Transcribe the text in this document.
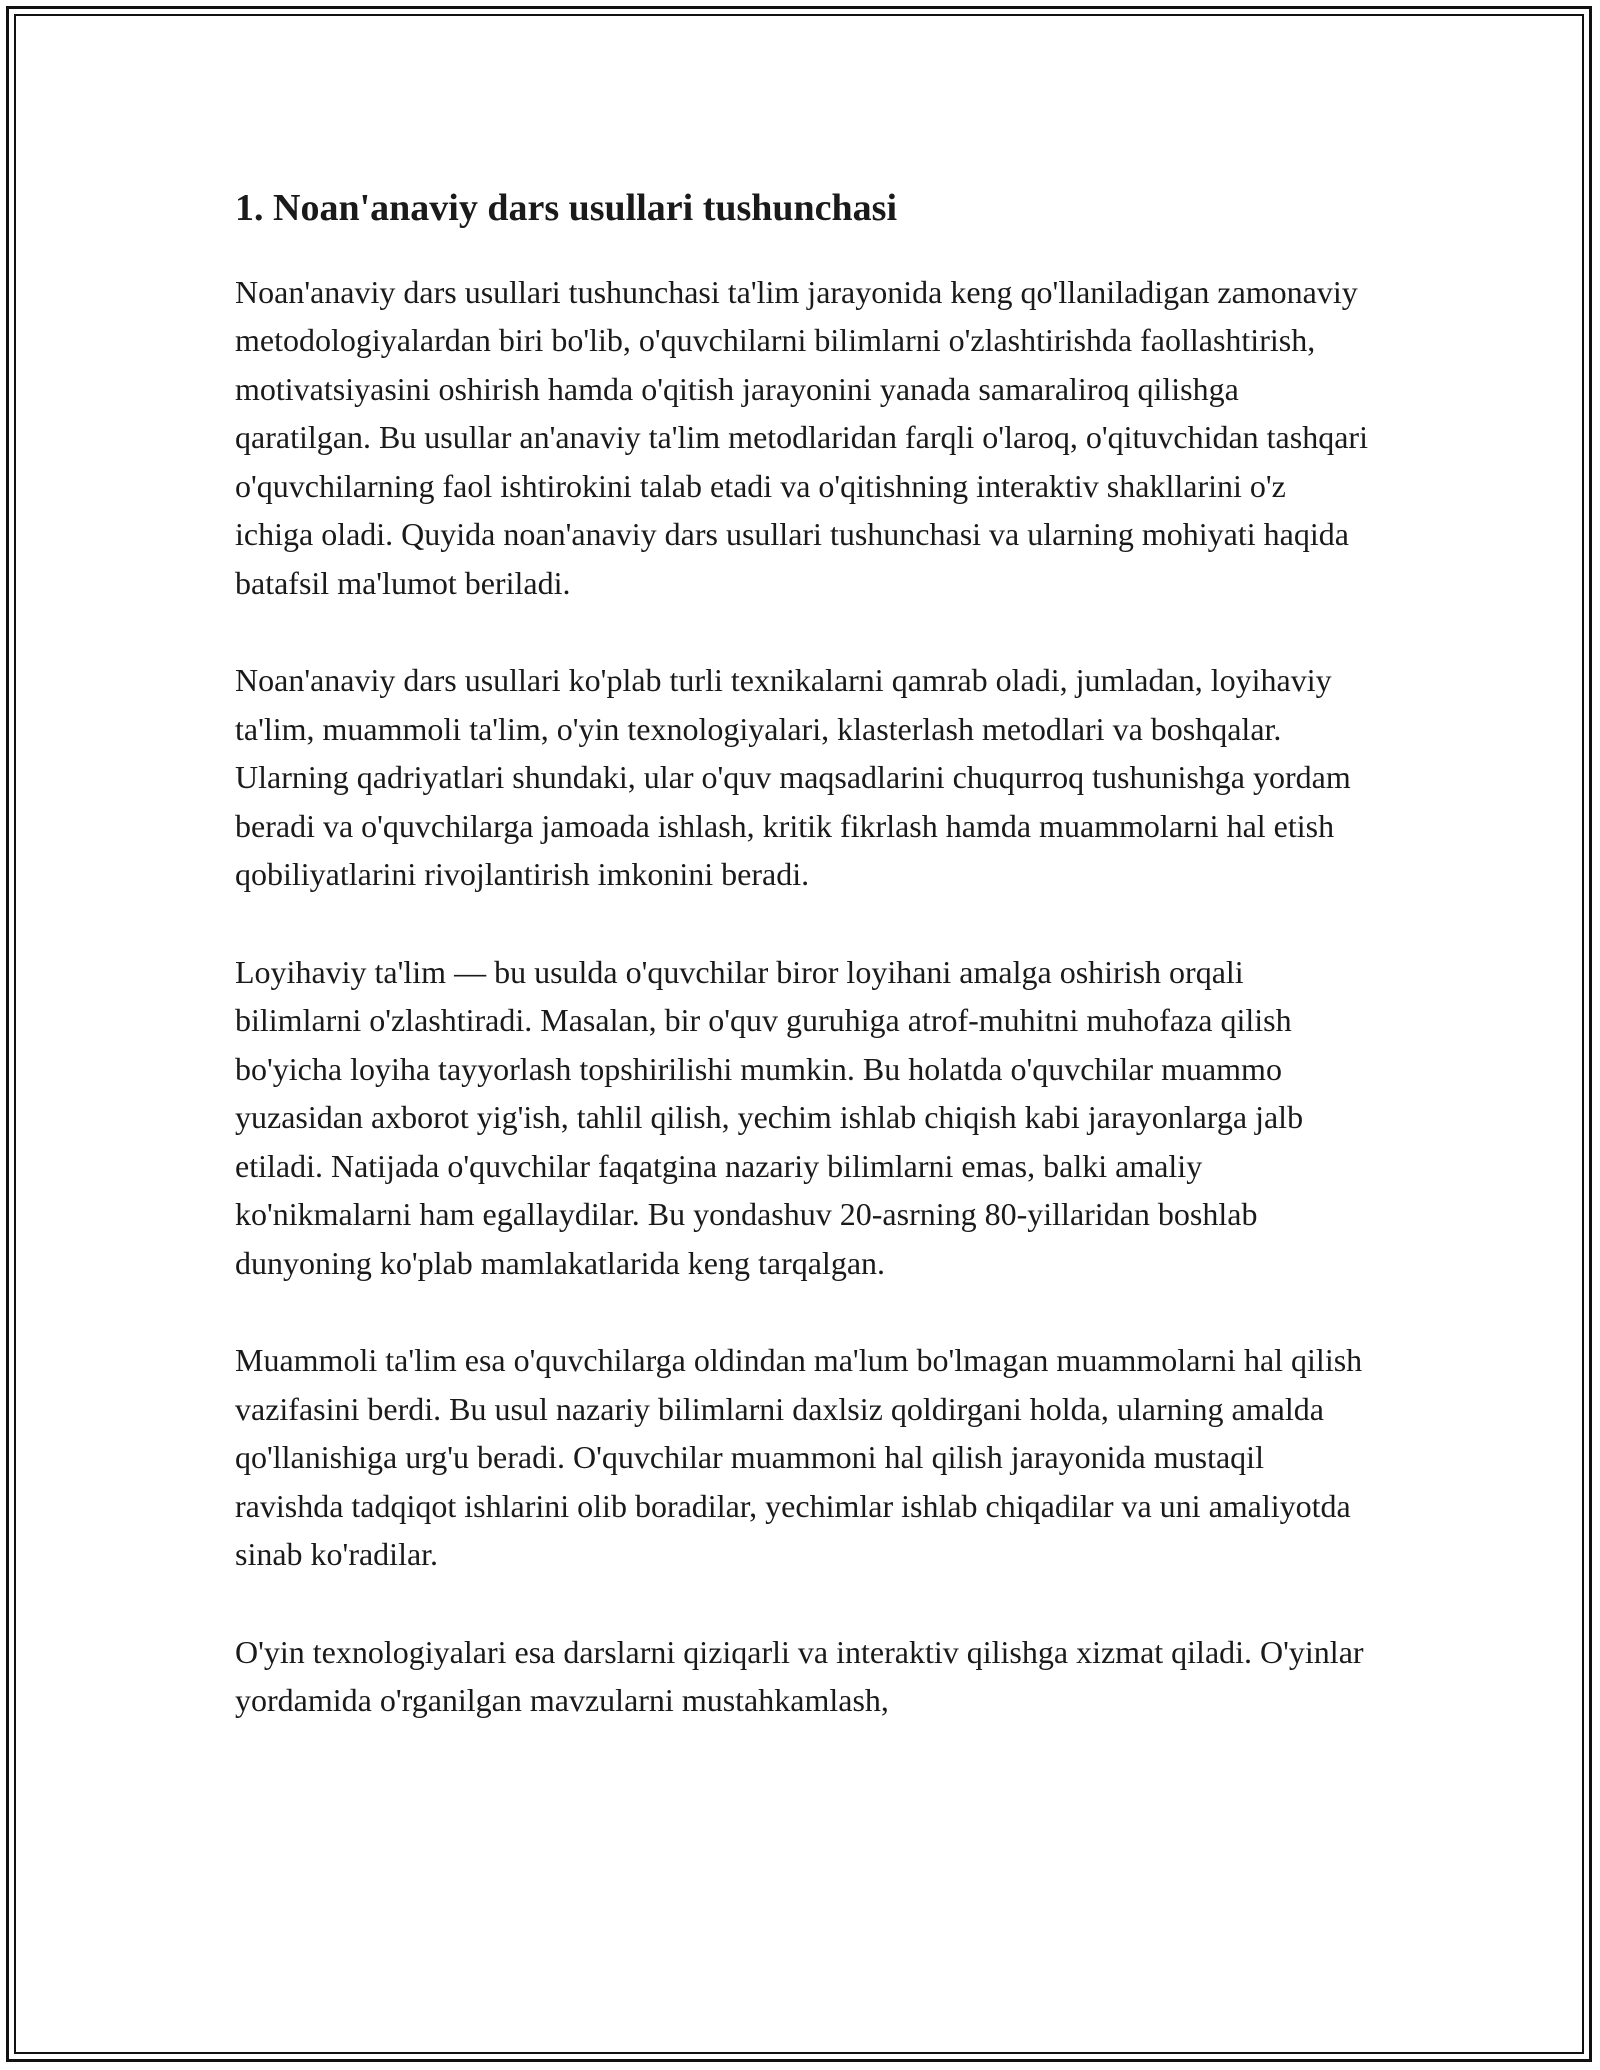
1. Noan'anaviy dars usullari tushunchasi

Noan'anaviy dars usullari tushunchasi ta'lim jarayonida keng qo'llaniladigan zamonaviy metodologiyalardan biri bo'lib, o'quvchilarni bilimlarni o'zlashtirishda faollashtirish, motivatsiyasini oshirish hamda o'qitish jarayonini yanada samaraliroq qilishga qaratilgan. Bu usullar an'anaviy ta'lim metodlaridan farqli o'laroq, o'qituvchidan tashqari o'quvchilarning faol ishtirokini talab etadi va o'qitishning interaktiv shakllarini o'z ichiga oladi. Quyida noan'anaviy dars usullari tushunchasi va ularning mohiyati haqida batafsil ma'lumot beriladi.

Noan'anaviy dars usullari ko'plab turli texnikalarni qamrab oladi, jumladan, loyihaviy ta'lim, muammoli ta'lim, o'yin texnologiyalari, klasterlash metodlari va boshqalar. Ularning qadriyatlari shundaki, ular o'quv maqsadlarini chuqurroq tushunishga yordam beradi va o'quvchilarga jamoada ishlash, kritik fikrlash hamda muammolarni hal etish qobiliyatlarini rivojlantirish imkonini beradi.

Loyihaviy ta'lim — bu usulda o'quvchilar biror loyihani amalga oshirish orqali bilimlarni o'zlashtiradi. Masalan, bir o'quv guruhiga atrof-muhitni muhofaza qilish bo'yicha loyiha tayyorlash topshirilishi mumkin. Bu holatda o'quvchilar muammo yuzasidan axborot yig'ish, tahlil qilish, yechim ishlab chiqish kabi jarayonlarga jalb etiladi. Natijada o'quvchilar faqatgina nazariy bilimlarni emas, balki amaliy ko'nikmalarni ham egallaydilar. Bu yondashuv 20-asrning 80-yillaridan boshlab dunyoning ko'plab mamlakatlarida keng tarqalgan.

Muammoli ta'lim esa o'quvchilarga oldindan ma'lum bo'lmagan muammolarni hal qilish vazifasini berdi. Bu usul nazariy bilimlarni daxlsiz qoldirgani holda, ularning amalda qo'llanishiga urg'u beradi. O'quvchilar muammoni hal qilish jarayonida mustaqil ravishda tadqiqot ishlarini olib boradilar, yechimlar ishlab chiqadilar va uni amaliyotda sinab ko'radilar.

O'yin texnologiyalari esa darslarni qiziqarli va interaktiv qilishga xizmat qiladi. O'yinlar yordamida o'rganilgan mavzularni mustahkamlash,
